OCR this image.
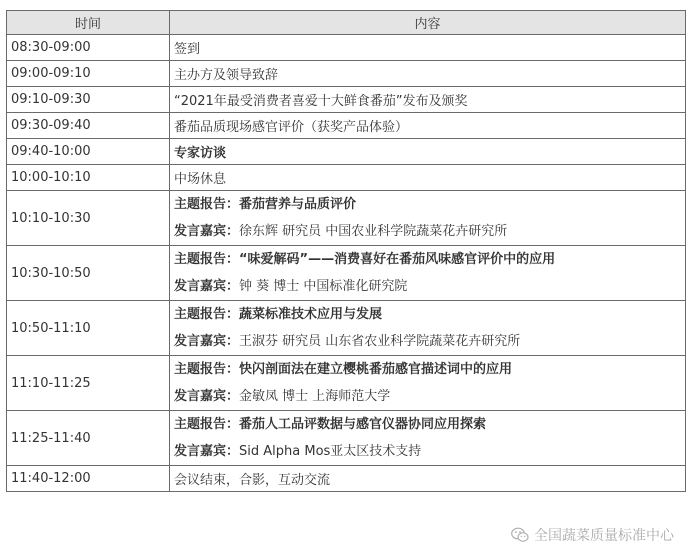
时间	内容
08:30-09:00	签到

09:00-09:10	主办方及领导致辞

09:10-09:30	“2021年最受消费者喜爱十大鲜食番茄”发布及颁奖

09:30-09:40	番茄品质现场感官评价（获奖产品体验）

09:40-10:00	专家访谈

10:00-10:10	中场休息

10:10-10:30	主题报告：番茄营养与品质评价
发言嘉宾：徐东辉 研究员 中国农业科学院蔬菜花卉研究所

10:30-10:50	主题报告：“味爱解码”——消费喜好在番茄风味感官评价中的应用
发言嘉宾：钟 葵 博士 中国标准化研究院

10:50-11:10	主题报告：蔬菜标准技术应用与发展
发言嘉宾：王淑芬 研究员 山东省农业科学院蔬菜花卉研究所

11:10-11:25	主题报告：快闪剖面法在建立樱桃番茄感官描述词中的应用
发言嘉宾：金敏凤 博士 上海师范大学

11:25-11:40	主题报告：番茄人工品评数据与感官仪器协同应用探索
发言嘉宾：Sid Alpha Mos亚太区技术支持

11:40-12:00	会议结束，合影，互动交流
全国蔬菜质量标准中心
